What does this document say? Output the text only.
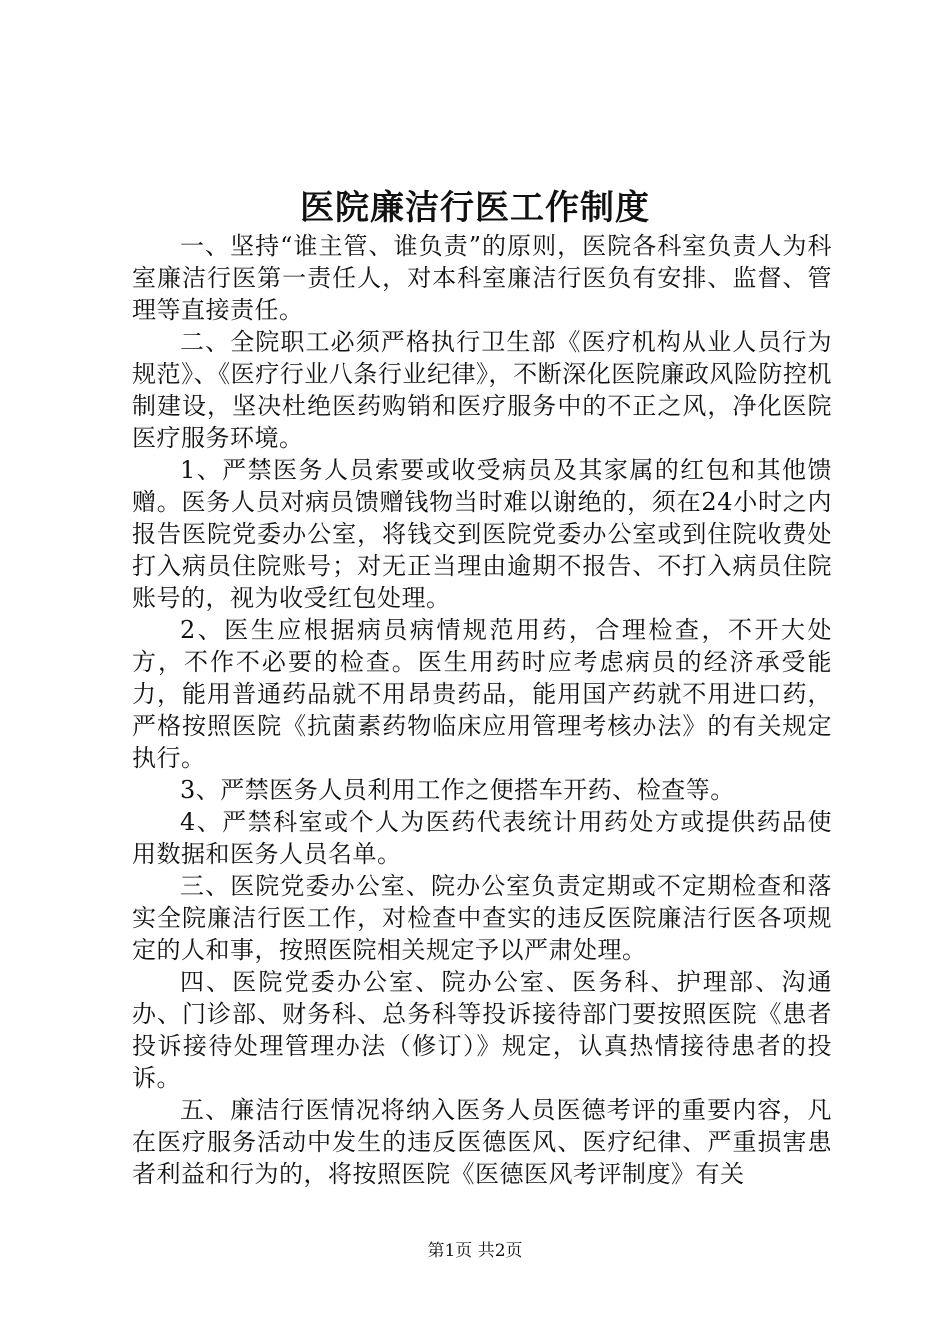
医院廉洁行医工作制度

一、坚持“谁主管、谁负责”的原则，医院各科室负责人为科室廉洁行医第一责任人，对本科室廉洁行医负有安排、监督、管理等直接责任。

二、全院职工必须严格执行卫生部《医疗机构从业人员行为规范》、《医疗行业八条行业纪律》，不断深化医院廉政风险防控机制建设，坚决杜绝医药购销和医疗服务中的不正之风，净化医院医疗服务环境。

1、严禁医务人员索要或收受病员及其家属的红包和其他馈赠。医务人员对病员馈赠钱物当时难以谢绝的，须在24小时之内报告医院党委办公室，将钱交到医院党委办公室或到住院收费处打入病员住院账号；对无正当理由逾期不报告、不打入病员住院账号的，视为收受红包处理。

2、医生应根据病员病情规范用药，合理检查，不开大处方，不作不必要的检查。医生用药时应考虑病员的经济承受能力，能用普通药品就不用昂贵药品，能用国产药就不用进口药，严格按照医院《抗菌素药物临床应用管理考核办法》的有关规定执行。

3、严禁医务人员利用工作之便搭车开药、检查等。

4、严禁科室或个人为医药代表统计用药处方或提供药品使用数据和医务人员名单。

三、医院党委办公室、院办公室负责定期或不定期检查和落实全院廉洁行医工作，对检查中查实的违反医院廉洁行医各项规定的人和事，按照医院相关规定予以严肃处理。

四、医院党委办公室、院办公室、医务科、护理部、沟通办、门诊部、财务科、总务科等投诉接待部门要按照医院《患者投诉接待处理管理办法（修订）》规定，认真热情接待患者的投诉。

五、廉洁行医情况将纳入医务人员医德考评的重要内容，凡在医疗服务活动中发生的违反医德医风、医疗纪律、严重损害患者利益和行为的，将按照医院《医德医风考评制度》有关

第1页 共2页
